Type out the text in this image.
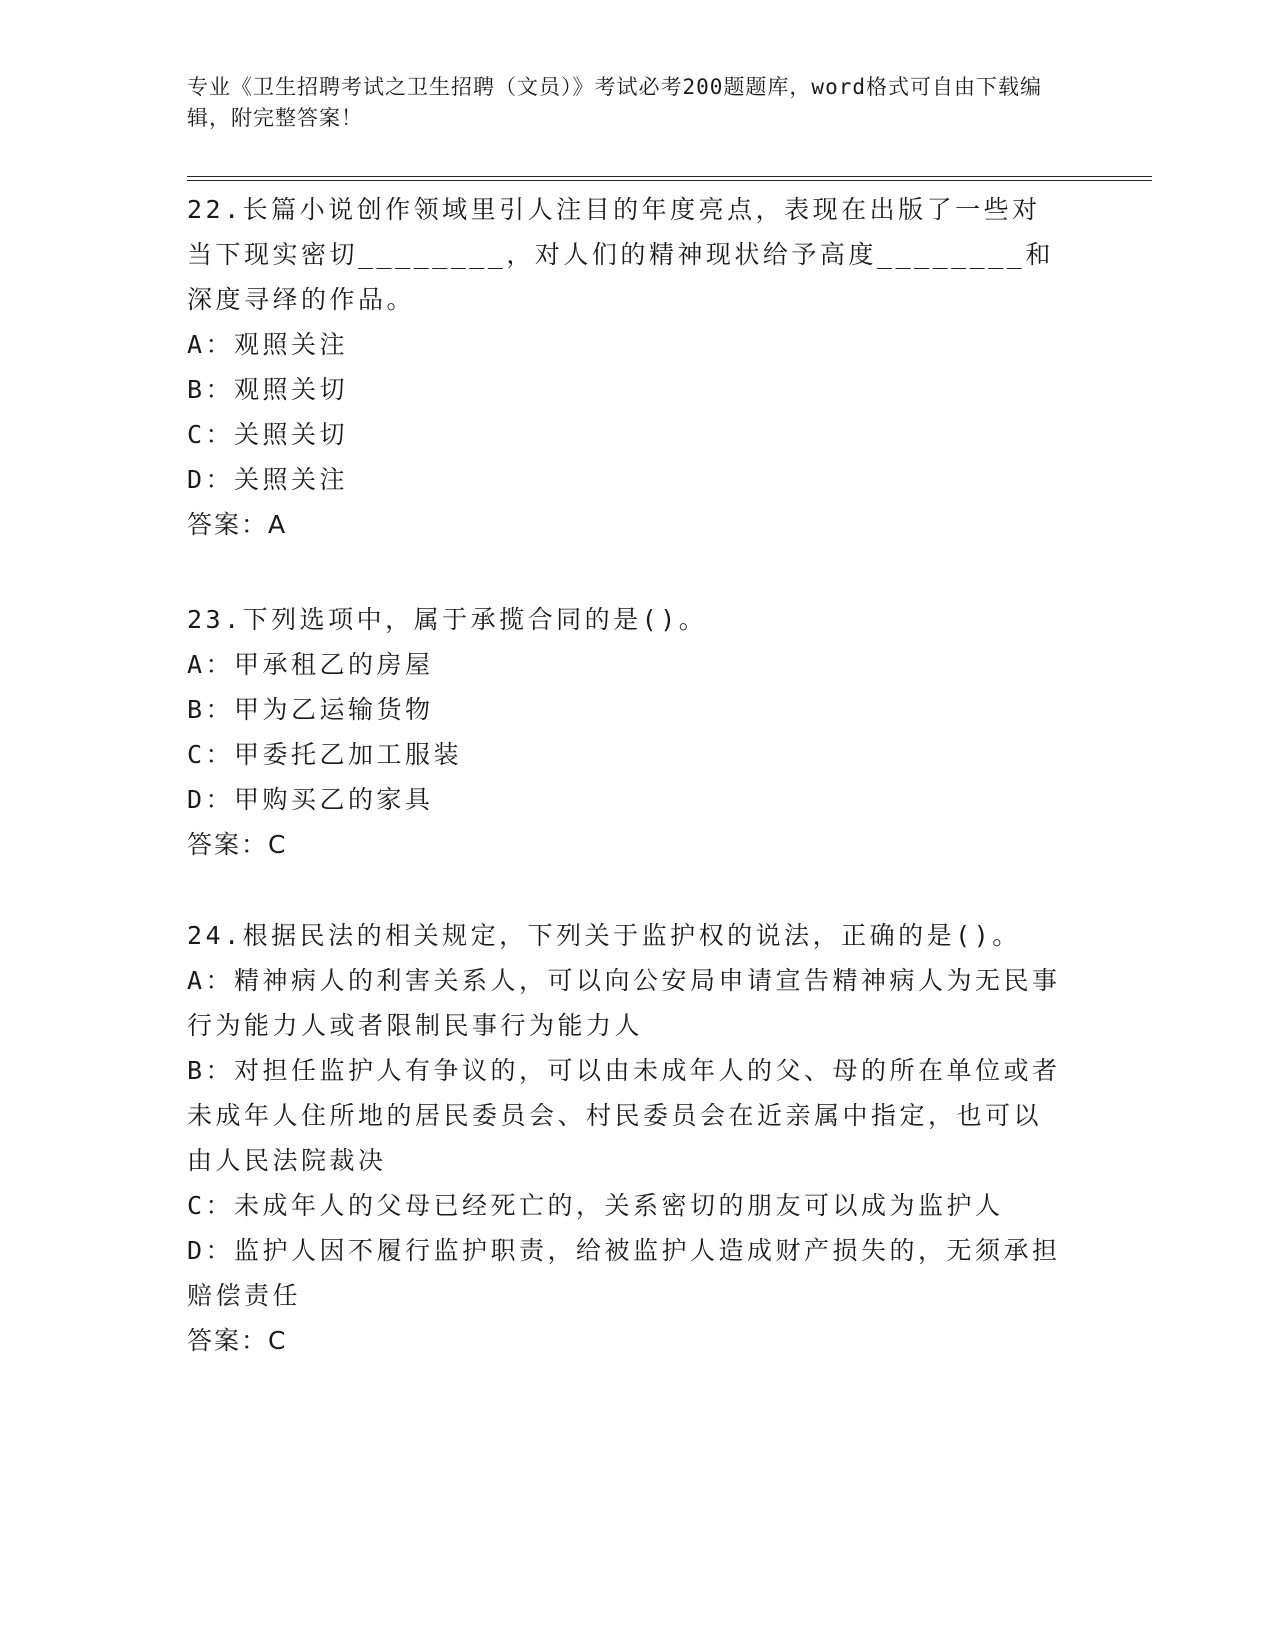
专业《卫生招聘考试之卫生招聘（文员）》考试必考200题题库，word格式可自由下载编辑，附完整答案！

22.长篇小说创作领域里引人注目的年度亮点，表现在出版了一些对当下现实密切________，对人们的精神现状给予高度________和深度寻绎的作品。

A：观照关注

B：观照关切

C：关照关切

D：关照关注

答案：A

23.下列选项中，属于承揽合同的是()。

A：甲承租乙的房屋

B：甲为乙运输货物

C：甲委托乙加工服装

D：甲购买乙的家具

答案：C

24.根据民法的相关规定，下列关于监护权的说法，正确的是()。

A：精神病人的利害关系人，可以向公安局申请宣告精神病人为无民事行为能力人或者限制民事行为能力人

B：对担任监护人有争议的，可以由未成年人的父、母的所在单位或者未成年人住所地的居民委员会、村民委员会在近亲属中指定，也可以由人民法院裁决

C：未成年人的父母已经死亡的，关系密切的朋友可以成为监护人

D：监护人因不履行监护职责，给被监护人造成财产损失的，无须承担赔偿责任

答案：C
